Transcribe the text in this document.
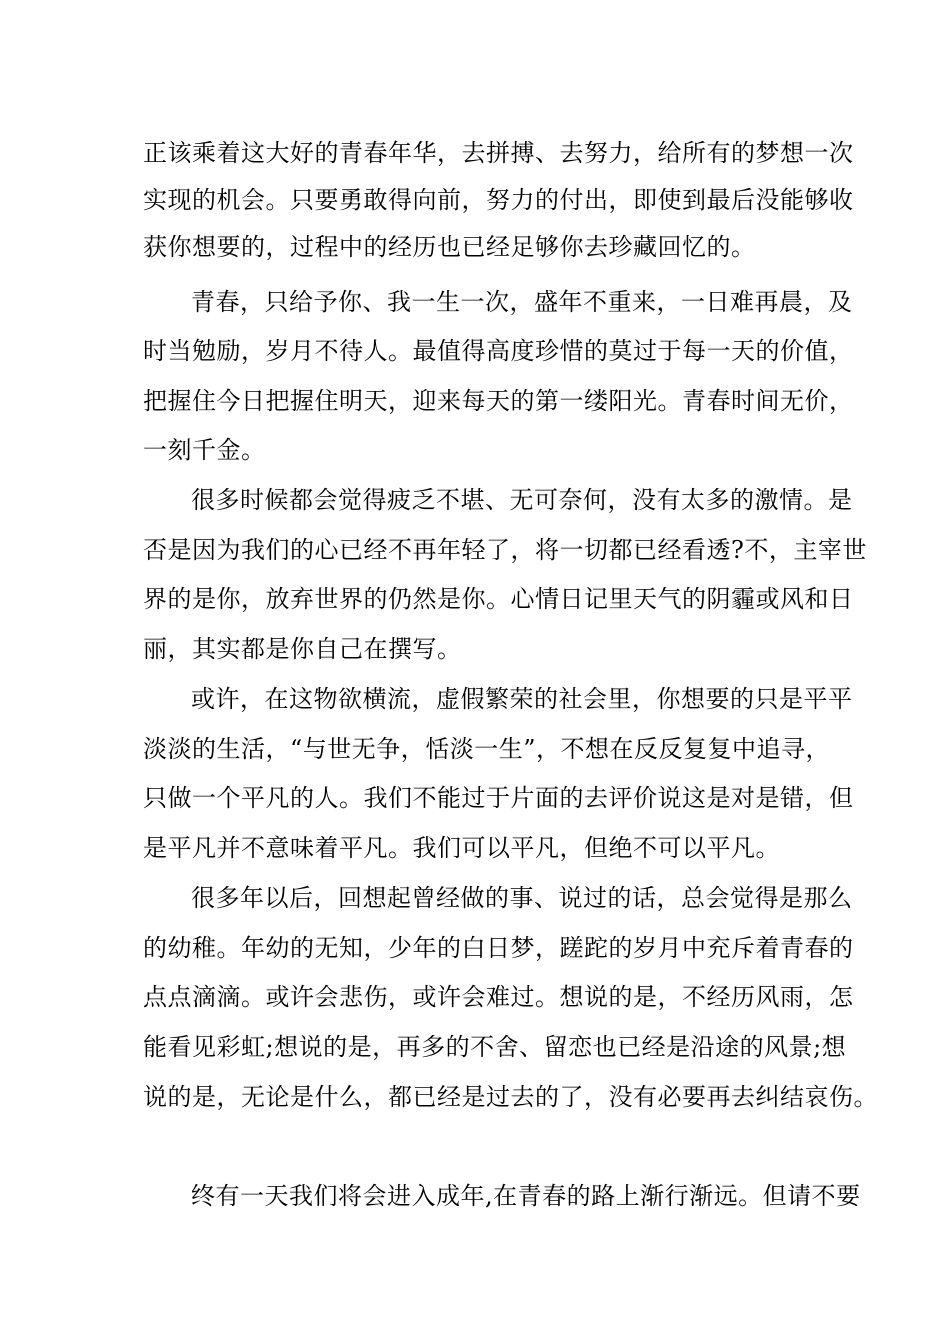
正该乘着这大好的青春年华，去拼搏、去努力，给所有的梦想一次
实现的机会。只要勇敢得向前，努力的付出，即使到最后没能够收
获你想要的，过程中的经历也已经足够你去珍藏回忆的。
青春，只给予你、我一生一次，盛年不重来，一日难再晨，及
时当勉励，岁月不待人。最值得高度珍惜的莫过于每一天的价值，
把握住今日把握住明天，迎来每天的第一缕阳光。青春时间无价，
一刻千金。
很多时候都会觉得疲乏不堪、无可奈何，没有太多的激情。是
否是因为我们的心已经不再年轻了，将一切都已经看透?不，主宰世
界的是你，放弃世界的仍然是你。心情日记里天气的阴霾或风和日
丽，其实都是你自己在撰写。
或许，在这物欲横流，虚假繁荣的社会里，你想要的只是平平
淡淡的生活，“与世无争，恬淡一生”，不想在反反复复中追寻，
只做一个平凡的人。我们不能过于片面的去评价说这是对是错，但
是平凡并不意味着平凡。我们可以平凡，但绝不可以平凡。
很多年以后，回想起曾经做的事、说过的话，总会觉得是那么
的幼稚。年幼的无知，少年的白日梦，蹉跎的岁月中充斥着青春的
点点滴滴。或许会悲伤，或许会难过。想说的是，不经历风雨，怎
能看见彩虹;想说的是，再多的不舍、留恋也已经是沿途的风景;想
说的是，无论是什么，都已经是过去的了，没有必要再去纠结哀伤。
终有一天我们将会进入成年,在青春的路上渐行渐远。但请不要
